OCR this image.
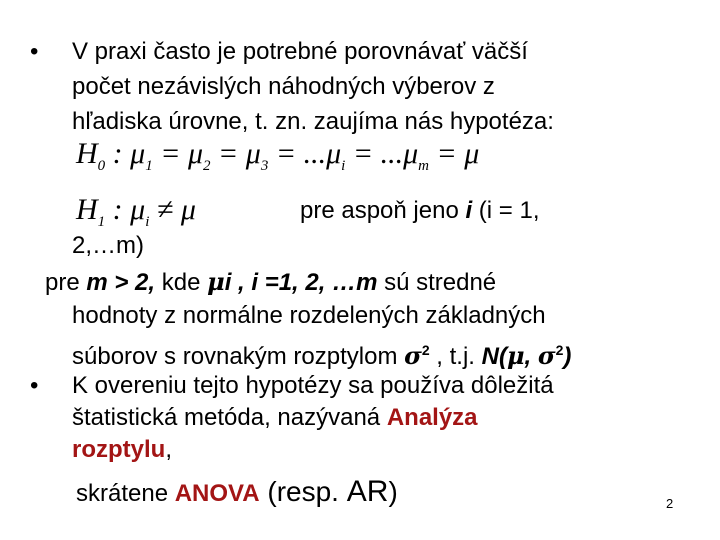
• V praxi často je potrebné porovnávať väčší
počet nezávislých náhodných výberov z
hľadiska úrovne, t. zn. zaujíma nás hypotéza:
$H_0$ : $\mu_1 = \mu_2 = \mu_3 = ...\mu_i = ...\mu_m = \mu$
$H_1$ : $\mu_i \ne \mu$	pre aspoň jeno i (i = 1,
2,…m)
pre m > 2, kde μi , i =1, 2, …m sú stredné
hodnoty z normálne rozdelených základných
súborov s rovnakým rozptylom $\sigma^2$ , t.j. N(μ, $\sigma^2$)
• K overeniu tejto hypotézy sa používa dôležitá
štatistická metóda, nazývaná Analýza
rozptylu,
skrátene ANOVA (resp. AR)	2
